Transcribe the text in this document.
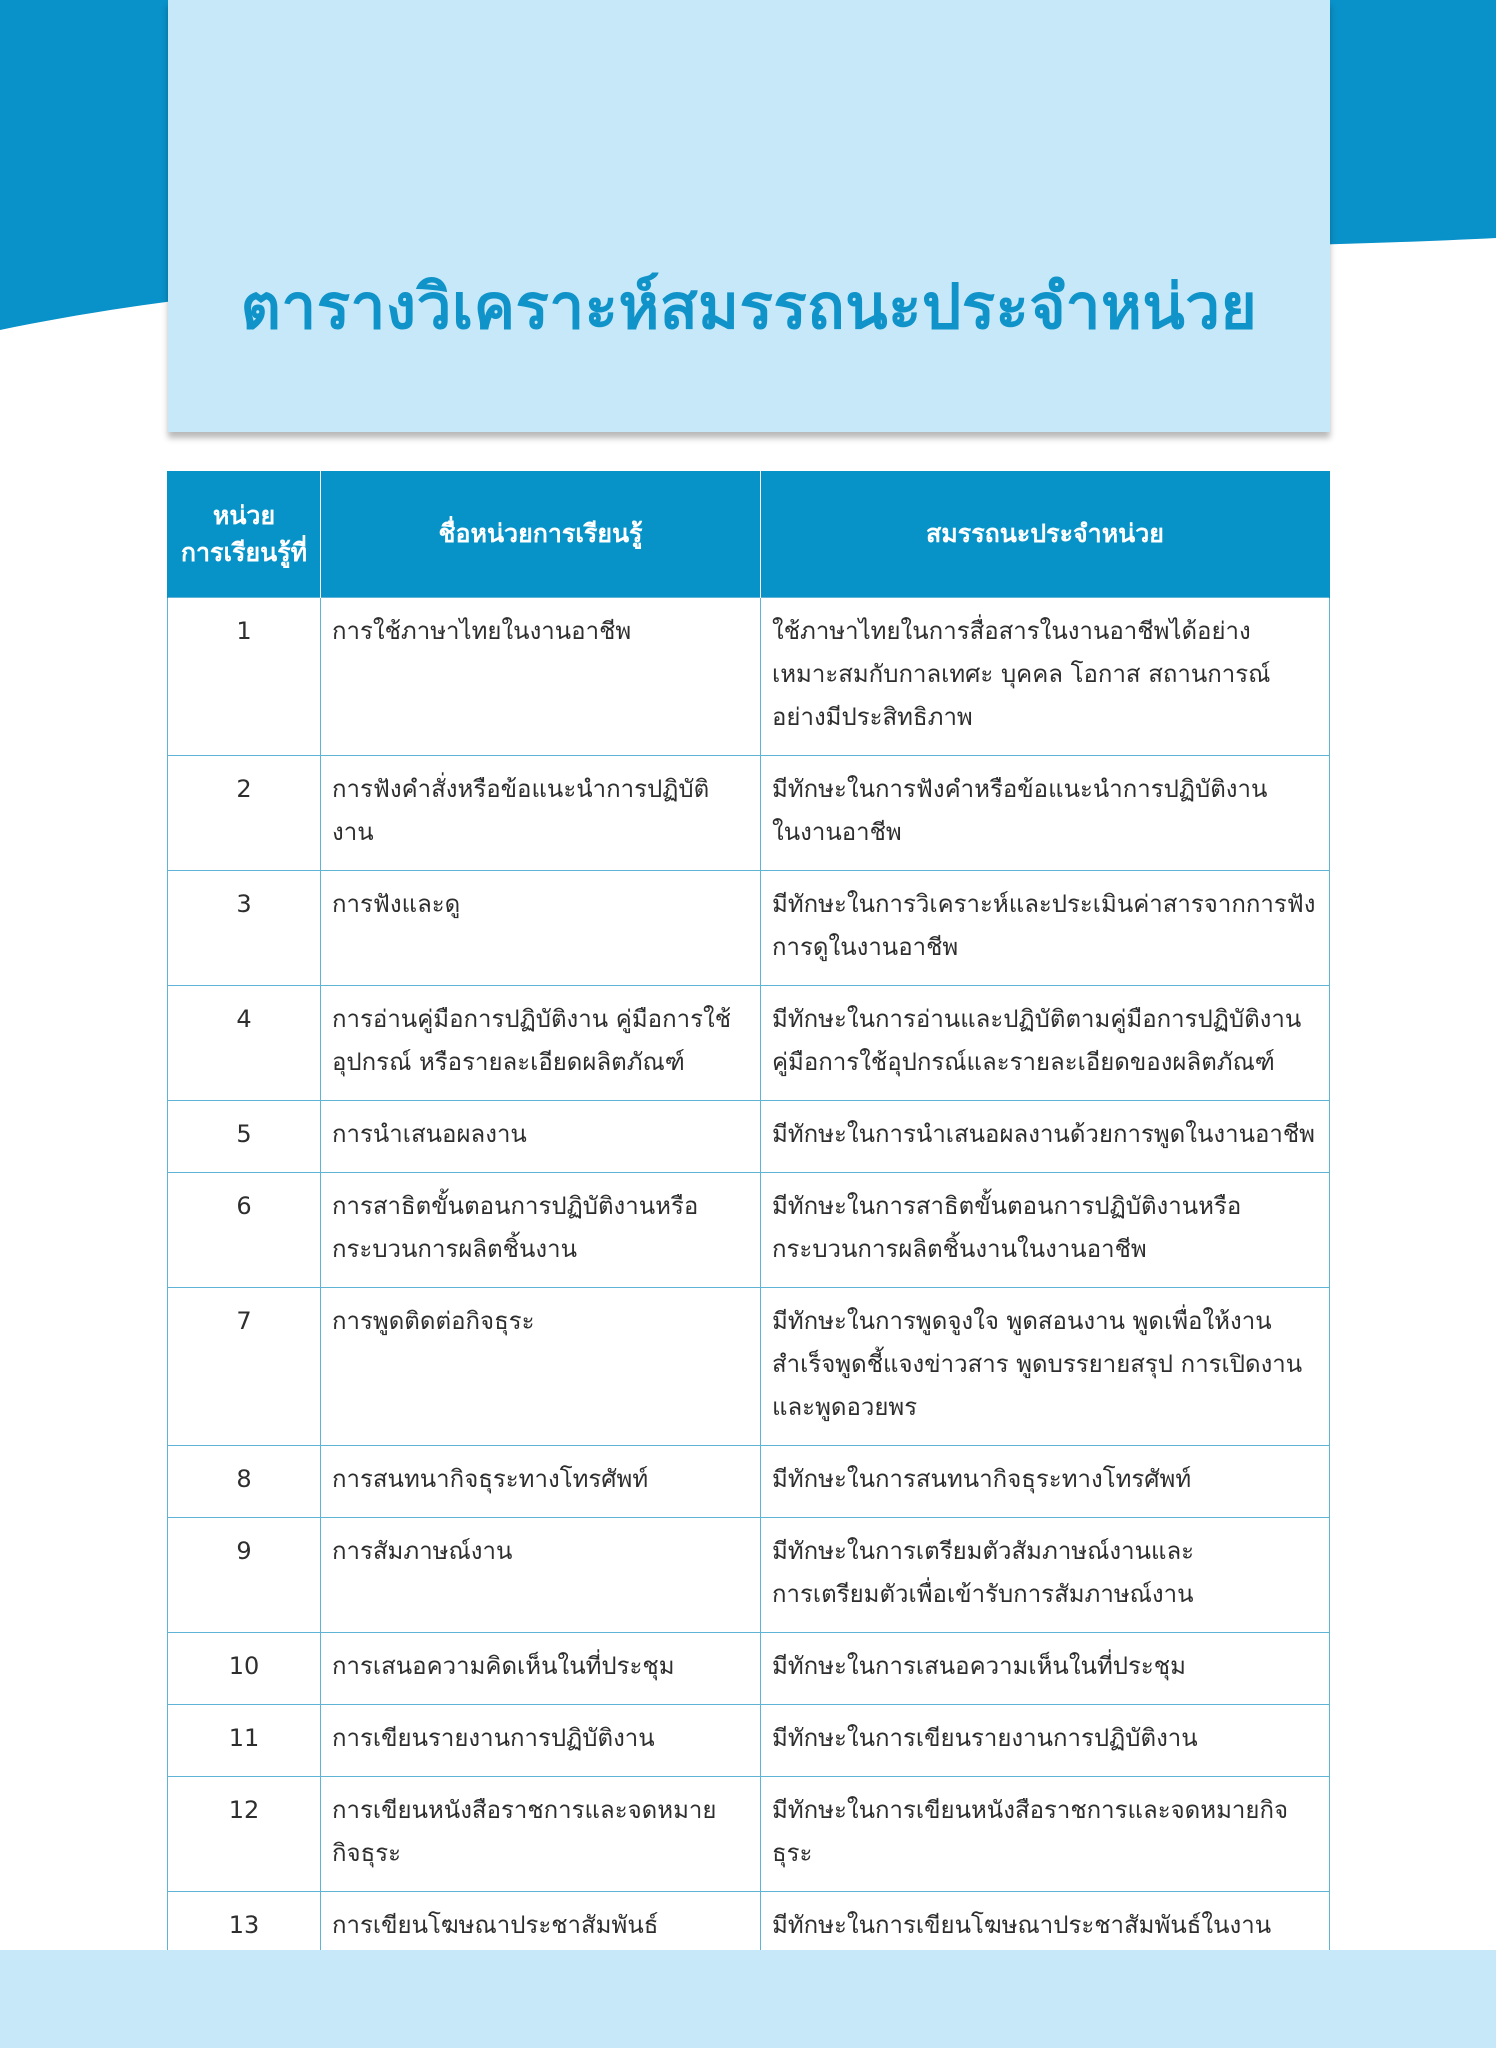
ตารางวิเคราะห์สมรรถนะประจำหน่วย
หน่วย
การเรียนรู้ที่	ชื่อหน่วยการเรียนรู้	สมรรถนะประจำหน่วย
1	การใช้ภาษาไทยในงานอาชีพ	ใช้ภาษาไทยในการสื่อสารในงานอาชีพได้อย่าง
เหมาะสมกับกาลเทศะ บุคคล โอกาส สถานการณ์
อย่างมีประสิทธิภาพ
2	การฟังคำสั่งหรือข้อแนะนำการปฏิบัติงาน	มีทักษะในการฟังคำหรือข้อแนะนำการปฏิบัติงาน
ในงานอาชีพ
3	การฟังและดู	มีทักษะในการวิเคราะห์และประเมินค่าสารจากการฟัง
การดูในงานอาชีพ
4	การอ่านคู่มือการปฏิบัติงาน คู่มือการใช้
อุปกรณ์ หรือรายละเอียดผลิตภัณฑ์	มีทักษะในการอ่านและปฏิบัติตามคู่มือการปฏิบัติงาน
คู่มือการใช้อุปกรณ์และรายละเอียดของผลิตภัณฑ์
5	การนำเสนอผลงาน	มีทักษะในการนำเสนอผลงานด้วยการพูดในงานอาชีพ
6	การสาธิตขั้นตอนการปฏิบัติงานหรือ
กระบวนการผลิตชิ้นงาน	มีทักษะในการสาธิตขั้นตอนการปฏิบัติงานหรือ
กระบวนการผลิตชิ้นงานในงานอาชีพ
7	การพูดติดต่อกิจธุระ	มีทักษะในการพูดจูงใจ พูดสอนงาน พูดเพื่อให้งาน
สำเร็จพูดชี้แจงข่าวสาร พูดบรรยายสรุป การเปิดงาน
และพูดอวยพร
8	การสนทนากิจธุระทางโทรศัพท์	มีทักษะในการสนทนากิจธุระทางโทรศัพท์
9	การสัมภาษณ์งาน	มีทักษะในการเตรียมตัวสัมภาษณ์งานและ
การเตรียมตัวเพื่อเข้ารับการสัมภาษณ์งาน
10	การเสนอความคิดเห็นในที่ประชุม	มีทักษะในการเสนอความเห็นในที่ประชุม
11	การเขียนรายงานการปฏิบัติงาน	มีทักษะในการเขียนรายงานการปฏิบัติงาน
12	การเขียนหนังสือราชการและจดหมาย
กิจธุระ	มีทักษะในการเขียนหนังสือราชการและจดหมายกิจธุระ
13	การเขียนโฆษณาประชาสัมพันธ์	มีทักษะในการเขียนโฆษณาประชาสัมพันธ์ในงาน
